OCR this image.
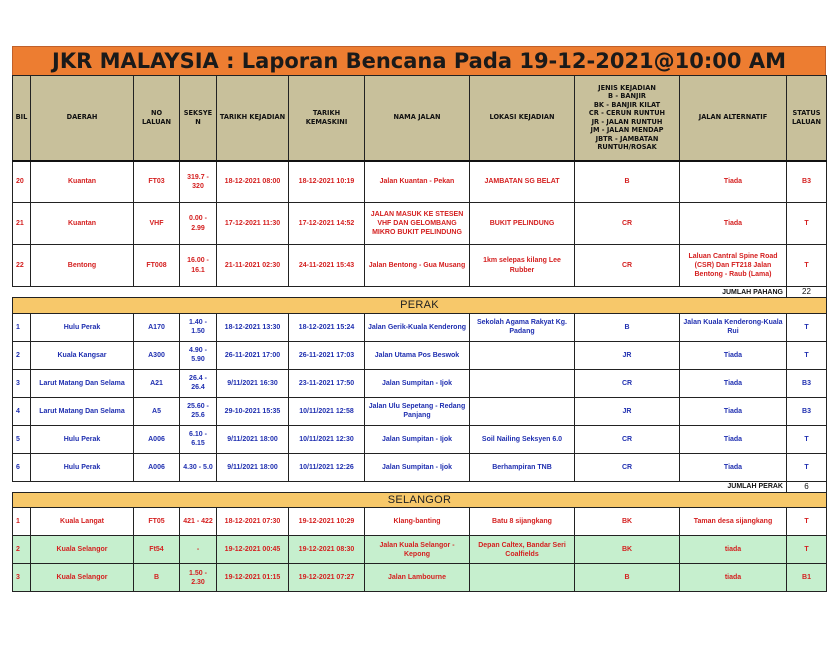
JKR MALAYSIA : Laporan Bencana Pada 19-12-2021@10:00 AM
BIL	DAERAH	NO LALUAN	SEKSYE N	TARIKH KEJADIAN	TARIKH KEMASKINI	NAMA JALAN	LOKASI KEJADIAN	
JENIS KEJADIAN
B - BANJIR
BK - BANJIR KILAT
CR - CERUN RUNTUH
JR - JALAN RUNTUH
JM - JALAN MENDAP
JBTR - JAMBATAN
RUNTUH/ROSAK
	JALAN ALTERNATIF	STATUS LALUAN
20	Kuantan	FT03	319.7 - 320	18-12-2021 08:00	18-12-2021 10:19	Jalan Kuantan - Pekan	JAMBATAN SG BELAT	B	Tiada	B3
21	Kuantan	VHF	0.00 - 2.99	17-12-2021 11:30	17-12-2021 14:52	JALAN MASUK KE STESEN VHF DAN GELOMBANG MIKRO BUKIT PELINDUNG	BUKIT PELINDUNG	CR	Tiada	T
22	Bentong	FT008	16.00 - 16.1	21-11-2021 02:30	24-11-2021 15:43	Jalan Bentong - Gua Musang	1km selepas kilang Lee Rubber	CR	Laluan Cantral Spine Road (CSR) Dan FT218 Jalan Bentong - Raub (Lama)	T
JUMLAH PAHANG										22
PERAK										
1	Hulu Perak	A170	1.40 - 1.50	18-12-2021 13:30	18-12-2021 15:24	Jalan Gerik-Kuala Kenderong	Sekolah Agama Rakyat Kg. Padang	B	Jalan Kuala Kenderong-Kuala Rui	T
2	Kuala Kangsar	A300	4.90 - 5.90	26-11-2021 17:00	26-11-2021 17:03	Jalan Utama Pos Beswok		JR	Tiada	T
3	Larut Matang Dan Selama	A21	26.4 - 26.4	9/11/2021 16:30	23-11-2021 17:50	Jalan Sumpitan - Ijok		CR	Tiada	B3
4	Larut Matang Dan Selama	A5	25.60 - 25.6	29-10-2021 15:35	10/11/2021 12:58	Jalan Ulu Sepetang - Redang Panjang		JR	Tiada	B3
5	Hulu Perak	A006	6.10 - 6.15	9/11/2021 18:00	10/11/2021 12:30	Jalan Sumpitan - Ijok	Soil Nailing Seksyen 6.0	CR	Tiada	T
6	Hulu Perak	A006	4.30 - 5.0	9/11/2021 18:00	10/11/2021 12:26	Jalan Sumpitan - Ijok	Berhampiran TNB	CR	Tiada	T
JUMLAH PERAK										6
SELANGOR										
1	Kuala Langat	FT05	421 - 422	18-12-2021 07:30	19-12-2021 10:29	Klang-banting	Batu 8 sijangkang	BK	Taman desa sijangkang	T
2	Kuala Selangor	Ft54	-	19-12-2021 00:45	19-12-2021 08:30	Jalan Kuala Selangor - Kepong	Depan Caltex, Bandar Seri Coalfields	BK	tiada	T
3	Kuala Selangor	B	1.50 - 2.30	19-12-2021 01:15	19-12-2021 07:27	Jalan Lambourne		B	tiada	B1
